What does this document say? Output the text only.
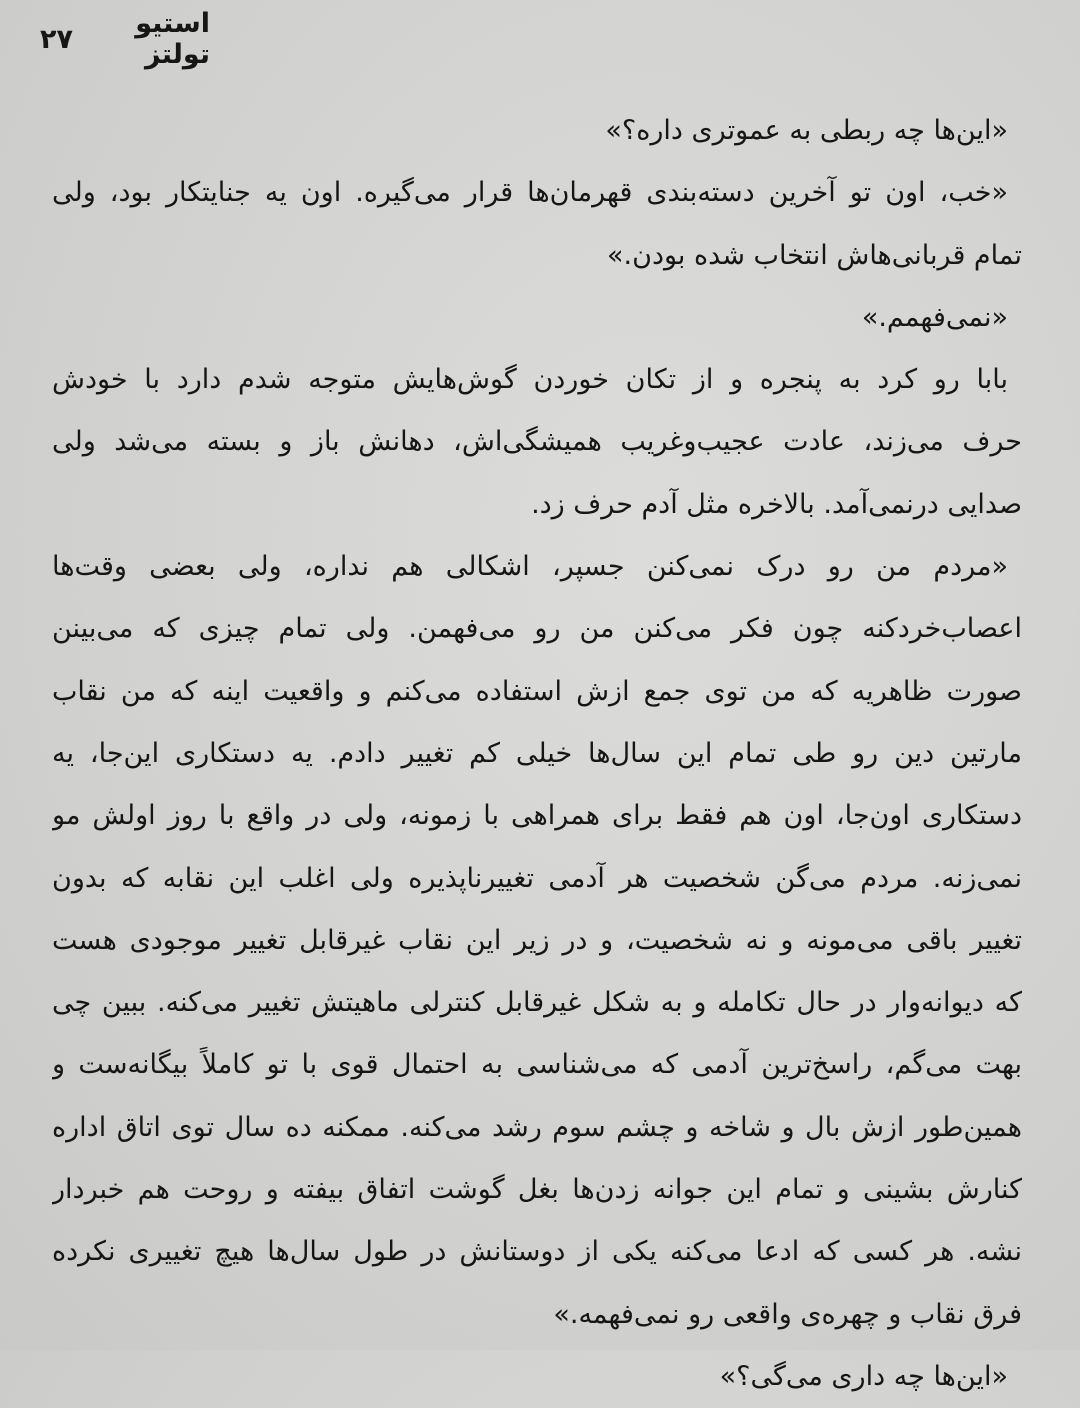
استیو تولتز
۲۷
«این‌ها چه ربطی به عموتری داره؟»
«خب، اون تو آخرین دسته‌بندی قهرمان‌ها قرار می‌گیره. اون یه جنایتکار بود، ولی
تمام قربانی‌هاش انتخاب شده بودن.»
«نمی‌فهمم.»
بابا رو کرد به پنجره و از تکان خوردن گوش‌هایش متوجه شدم دارد با خودش
حرف می‌زند، عادت عجیب‌وغریب همیشگی‌اش، دهانش باز و بسته می‌شد ولی
صدایی درنمی‌آمد. بالاخره مثل آدم حرف زد.
«مردم من رو درک نمی‌کنن جسپر، اشکالی هم نداره، ولی بعضی وقت‌ها
اعصاب‌خردکنه چون فکر می‌کنن من رو می‌فهمن. ولی تمام چیزی که می‌بینن
صورت ظاهریه که من توی جمع ازش استفاده می‌کنم و واقعیت اینه که من نقاب
مارتین دین رو طی تمام این سال‌ها خیلی کم تغییر دادم. یه دستکاری این‌جا، یه
دستکاری اون‌جا، اون هم فقط برای همراهی با زمونه، ولی در واقع با روز اولش مو
نمی‌زنه. مردم می‌گن شخصیت هر آدمی تغییرناپذیره ولی اغلب این نقابه که بدون
تغییر باقی می‌مونه و نه شخصیت، و در زیر این نقاب غیرقابل تغییر موجودی هست
که دیوانه‌وار در حال تکامله و به شکل غیرقابل کنترلی ماهیتش تغییر می‌کنه. ببین چی
بهت می‌گم، راسخ‌ترین آدمی که می‌شناسی به احتمال قوی با تو کاملاً بیگانه‌ست و
همین‌طور ازش بال و شاخه و چشم سوم رشد می‌کنه. ممکنه ده سال توی اتاق اداره
کنارش بشینی و تمام این جوانه زدن‌ها بغل گوشت اتفاق بیفته و روحت هم خبردار
نشه. هر کسی که ادعا می‌کنه یکی از دوستانش در طول سال‌ها هیچ تغییری نکرده
فرق نقاب و چهره‌ی واقعی رو نمی‌فهمه.»
«این‌ها چه داری می‌گی؟»
